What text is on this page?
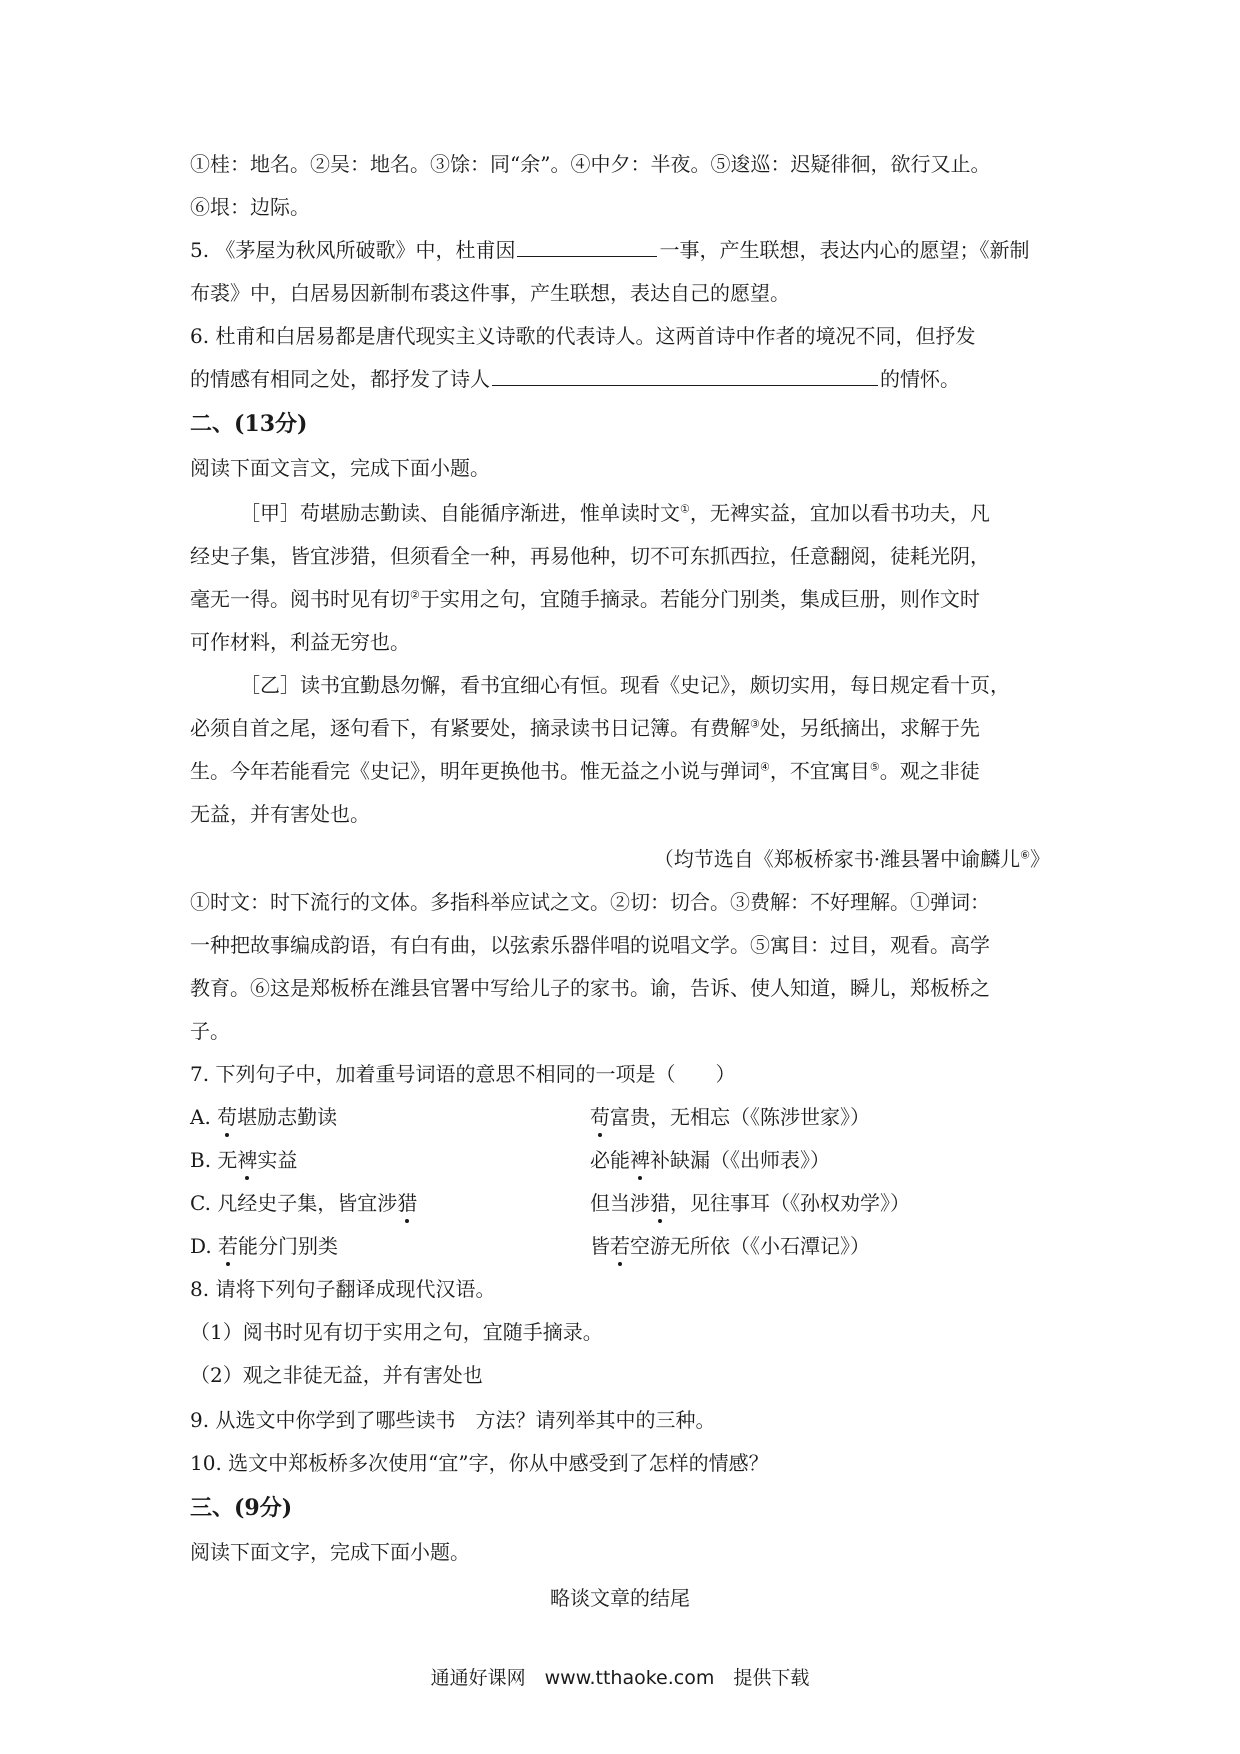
①桂：地名。②吴：地名。③馀：同“余”。④中夕：半夜。⑤逡巡：迟疑徘徊，欲行又止。
⑥垠：边际。
5. 《茅屋为秋风所破歌》中，杜甫因	一事，产生联想，表达内心的愿望；《新制
布裘》中，白居易因新制布裘这件事，产生联想，表达自己的愿望。
6. 杜甫和白居易都是唐代现实主义诗歌的代表诗人。这两首诗中作者的境况不同，但抒发
的情感有相同之处，都抒发了诗人	的情怀。
二、(13分)
阅读下面文言文，完成下面小题。
［甲］苟堪励志勤读、自能循序渐进，惟单读时文①，无裨实益，宜加以看书功夫，凡
经史子集，皆宜涉猎，但须看全一种，再易他种，切不可东抓西拉，任意翻阅，徒耗光阴，
毫无一得。阅书时见有切②于实用之句，宜随手摘录。若能分门别类，集成巨册，则作文时
可作材料，利益无穷也。
［乙］读书宜勤恳勿懈，看书宜细心有恒。现看《史记》，颇切实用，每日规定看十页，
必须自首之尾，逐句看下，有紧要处，摘录读书日记簿。有费解③处，另纸摘出，求解于先
生。今年若能看完《史记》，明年更换他书。惟无益之小说与弹词④，不宜寓目⑤。观之非徒
无益，并有害处也。
（均节选自《郑板桥家书·潍县署中谕麟儿⑥》
①时文：时下流行的文体。多指科举应试之文。②切：切合。③费解：不好理解。①弹词：
一种把故事编成韵语，有白有曲，以弦索乐器伴唱的说唱文学。⑤寓目：过目，观看。高学
教育。⑥这是郑板桥在潍县官署中写给儿子的家书。谕，告诉、使人知道，瞬儿，郑板桥之
子。
7. 下列句子中，加着重号词语的意思不相同的一项是（　　）
A. 苟堪励志勤读	苟富贵，无相忘（《陈涉世家》）
B. 无裨实益	必能裨补缺漏（《出师表》）
C. 凡经史子集，皆宜涉猎	但当涉猎，见往事耳（《孙权劝学》）
D. 若能分门别类	皆若空游无所依（《小石潭记》）
8. 请将下列句子翻译成现代汉语。
（1）阅书时见有切于实用之句，宜随手摘录。
（2）观之非徒无益，并有害处也
9. 从选文中你学到了哪些读书　方法？请列举其中的三种。
10. 选文中郑板桥多次使用“宜”字，你从中感受到了怎样的情感？
三、(9分)
阅读下面文字，完成下面小题。
略谈文章的结尾
通通好课网　www.tthaoke.com　提供下载
